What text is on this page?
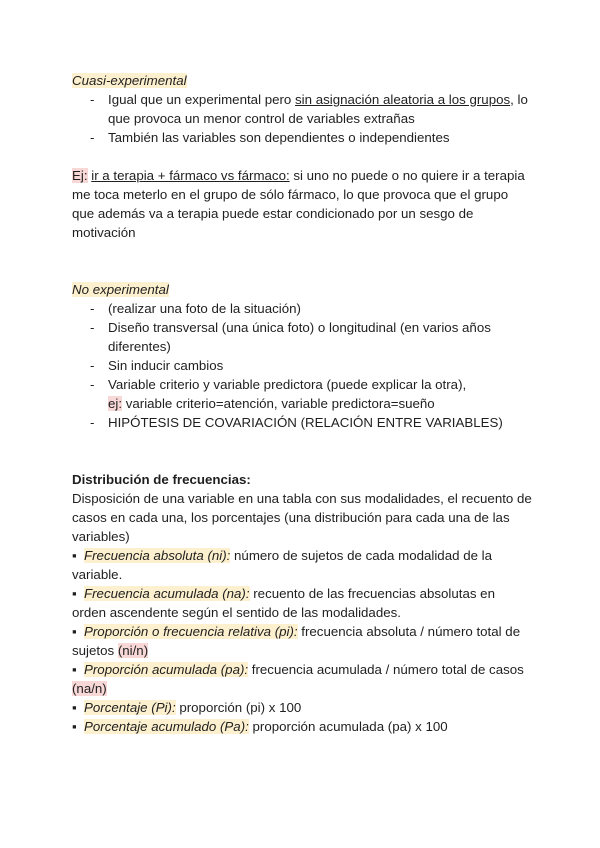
Cuasi-experimental

- Igual que un experimental pero sin asignación aleatoria a los grupos, lo que provoca un menor control de variables extrañas
- También las variables son dependientes o independientes

Ej: ir a terapia + fármaco vs fármaco: si uno no puede o no quiere ir a terapia me toca meterlo en el grupo de sólo fármaco, lo que provoca que el grupo que además va a terapia puede estar condicionado por un sesgo de motivación

No experimental

- (realizar una foto de la situación)
- Diseño transversal (una única foto) o longitudinal (en varios años diferentes)
- Sin inducir cambios
- Variable criterio y variable predictora (puede explicar la otra),
ej: variable criterio=atención, variable predictora=sueño
- HIPÓTESIS DE COVARIACIÓN (RELACIÓN ENTRE VARIABLES)

Distribución de frecuencias:

Disposición de una variable en una tabla con sus modalidades, el recuento de casos en cada una, los porcentajes (una distribución para cada una de las variables)

▪ Frecuencia absoluta (ni): número de sujetos de cada modalidad de la variable.

▪ Frecuencia acumulada (na): recuento de las frecuencias absolutas en orden ascendente según el sentido de las modalidades.

▪ Proporción o frecuencia relativa (pi): frecuencia absoluta / número total de sujetos (ni/n)

▪ Proporción acumulada (pa): frecuencia acumulada / número total de casos (na/n)

▪ Porcentaje (Pi): proporción (pi) x 100

▪ Porcentaje acumulado (Pa): proporción acumulada (pa) x 100
